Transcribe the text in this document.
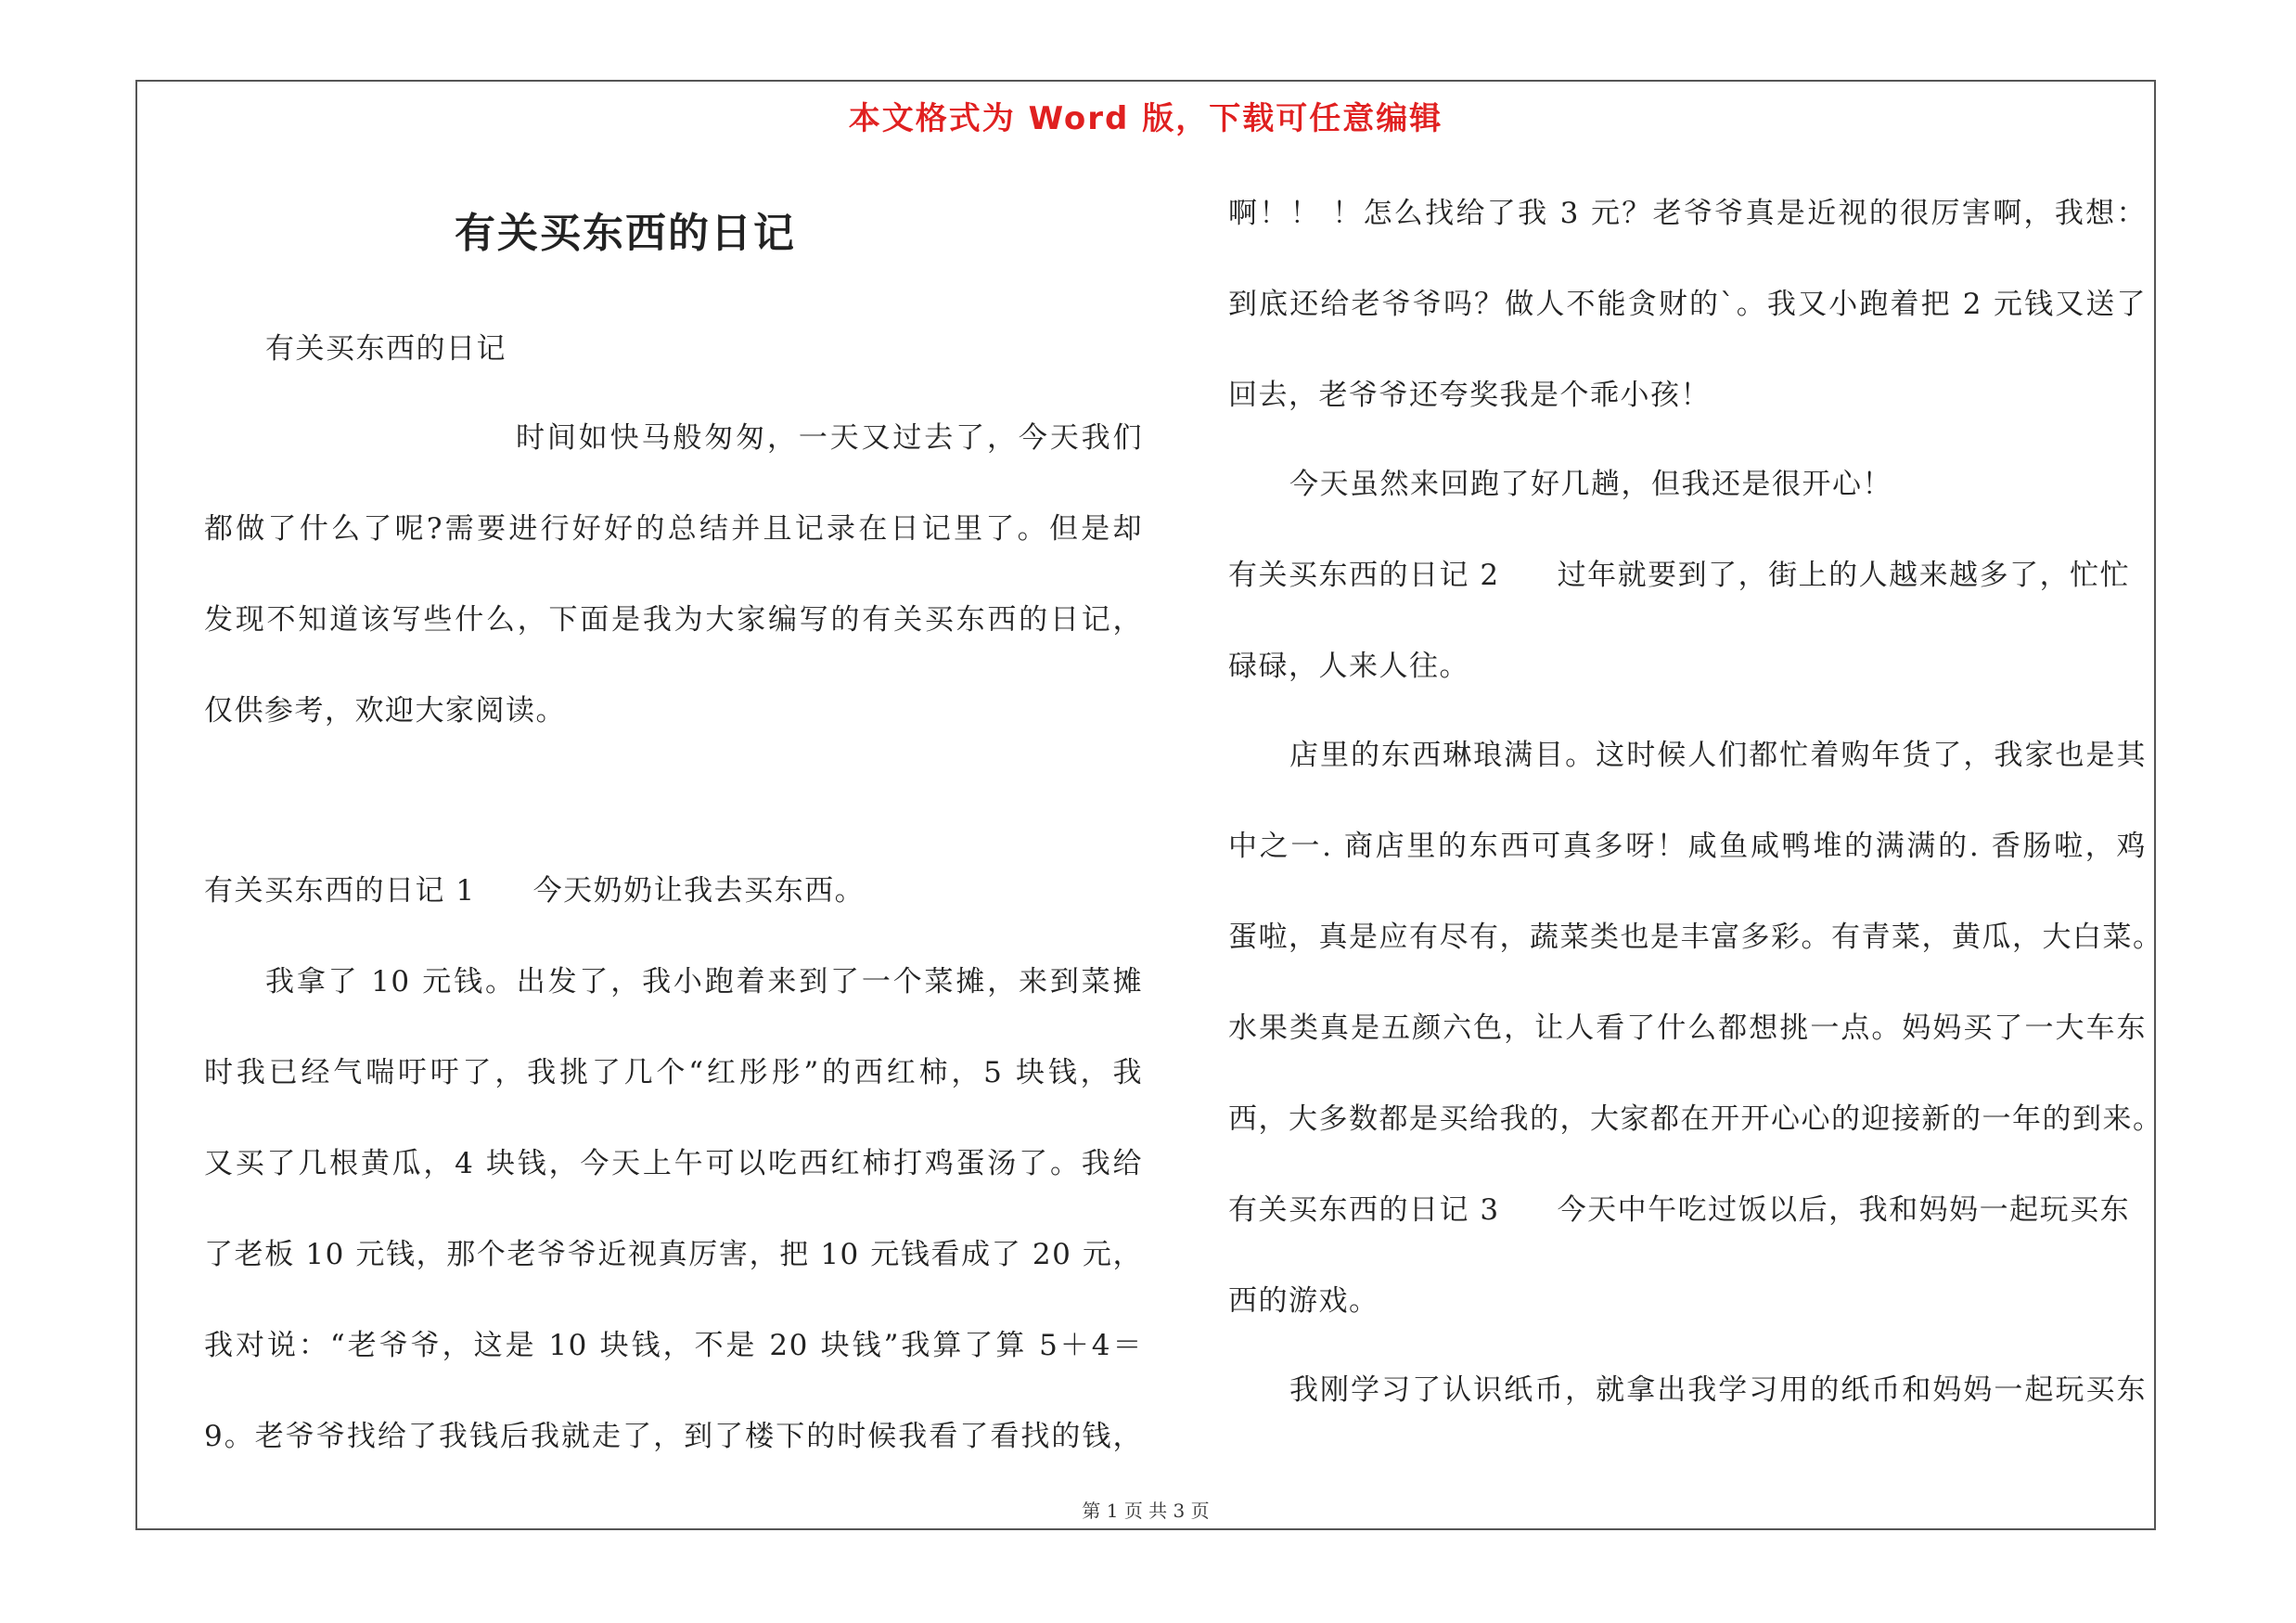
本文格式为 Word 版，下载可任意编辑
有关买东西的日记
有关买东西的日记
时间如快马般匆匆，一天又过去了，今天我们
都做了什么了呢?需要进行好好的总结并且记录在日记里了。但是却
发现不知道该写些什么，下面是我为大家编写的有关买东西的日记，
仅供参考，欢迎大家阅读。
有关买东西的日记 1 今天奶奶让我去买东西。
我拿了 10 元钱。出发了，我小跑着来到了一个菜摊，来到菜摊
时我已经气喘吁吁了，我挑了几个“红彤彤”的西红柿，5 块钱，我
又买了几根黄瓜，4 块钱，今天上午可以吃西红柿打鸡蛋汤了。我给
了老板 10 元钱，那个老爷爷近视真厉害，把 10 元钱看成了 20 元，
我对说：“老爷爷，这是 10 块钱，不是 20 块钱”我算了算 5＋4＝
9。老爷爷找给了我钱后我就走了，到了楼下的时候我看了看找的钱，
啊！！ ！怎么找给了我 3 元？老爷爷真是近视的很厉害啊，我想：
到底还给老爷爷吗？做人不能贪财的`。我又小跑着把 2 元钱又送了
回去，老爷爷还夸奖我是个乖小孩！
今天虽然来回跑了好几趟，但我还是很开心！
有关买东西的日记 2 过年就要到了，街上的人越来越多了，忙忙
碌碌，人来人往。
店里的东西琳琅满目。这时候人们都忙着购年货了，我家也是其
中之一. 商店里的东西可真多呀！咸鱼咸鸭堆的满满的. 香肠啦，鸡
蛋啦，真是应有尽有，蔬菜类也是丰富多彩。有青菜，黄瓜，大白菜。
水果类真是五颜六色，让人看了什么都想挑一点。妈妈买了一大车东
西，大多数都是买给我的，大家都在开开心心的迎接新的一年的到来。
有关买东西的日记 3 今天中午吃过饭以后，我和妈妈一起玩买东
西的游戏。
我刚学习了认识纸币，就拿出我学习用的纸币和妈妈一起玩买东
第 1 页 共 3 页
